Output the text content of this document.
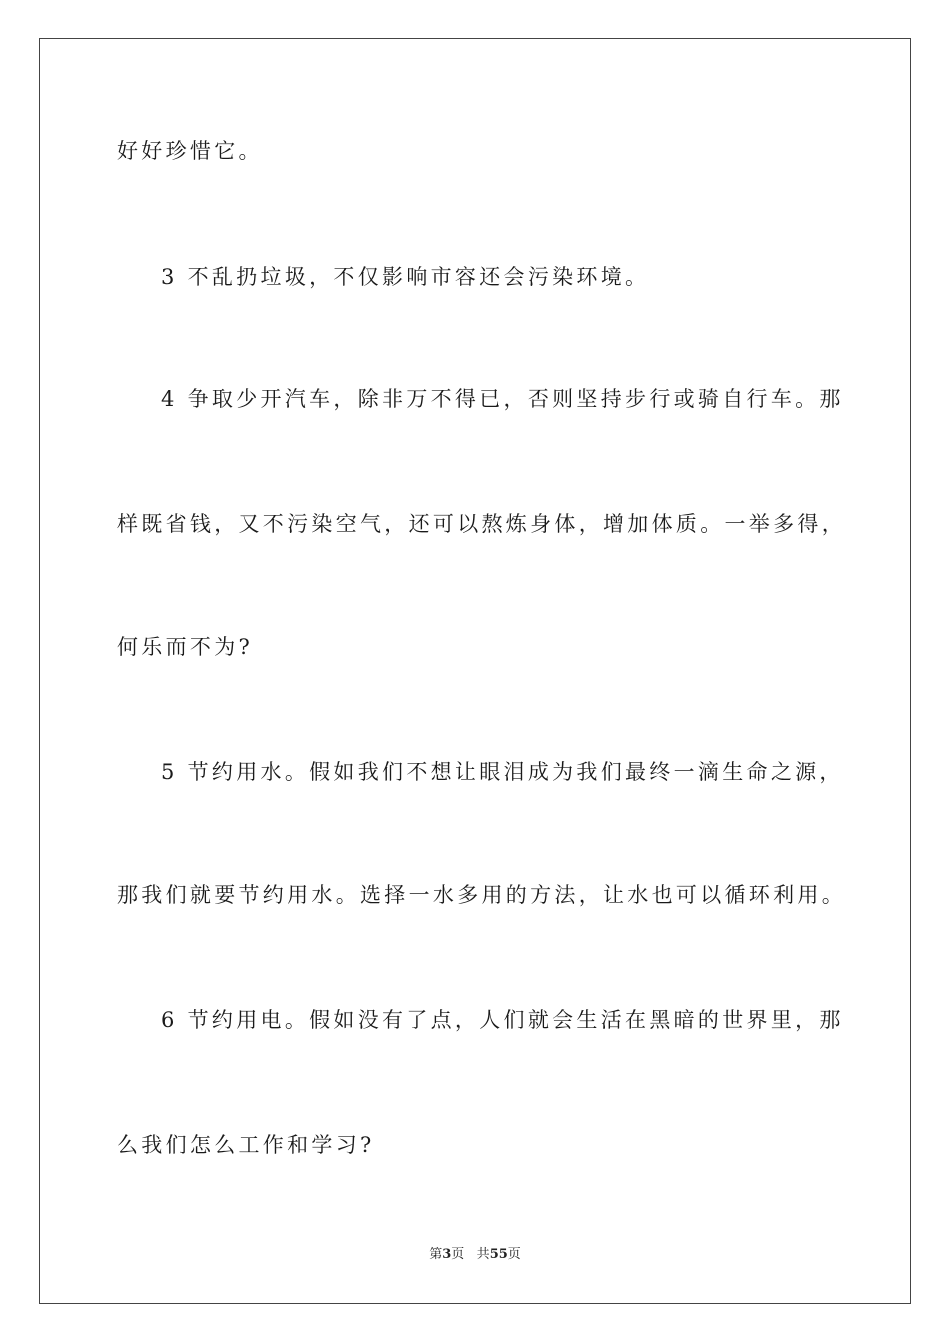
好好珍惜它。
3 不乱扔垃圾，不仅影响市容还会污染环境。
4 争取少开汽车，除非万不得已，否则坚持步行或骑自行车。那
样既省钱，又不污染空气，还可以熬炼身体，增加体质。一举多得，
何乐而不为?
5 节约用水。假如我们不想让眼泪成为我们最终一滴生命之源，
那我们就要节约用水。选择一水多用的方法，让水也可以循环利用。
6 节约用电。假如没有了点，人们就会生活在黑暗的世界里，那
么我们怎么工作和学习?
第3页 共55页
